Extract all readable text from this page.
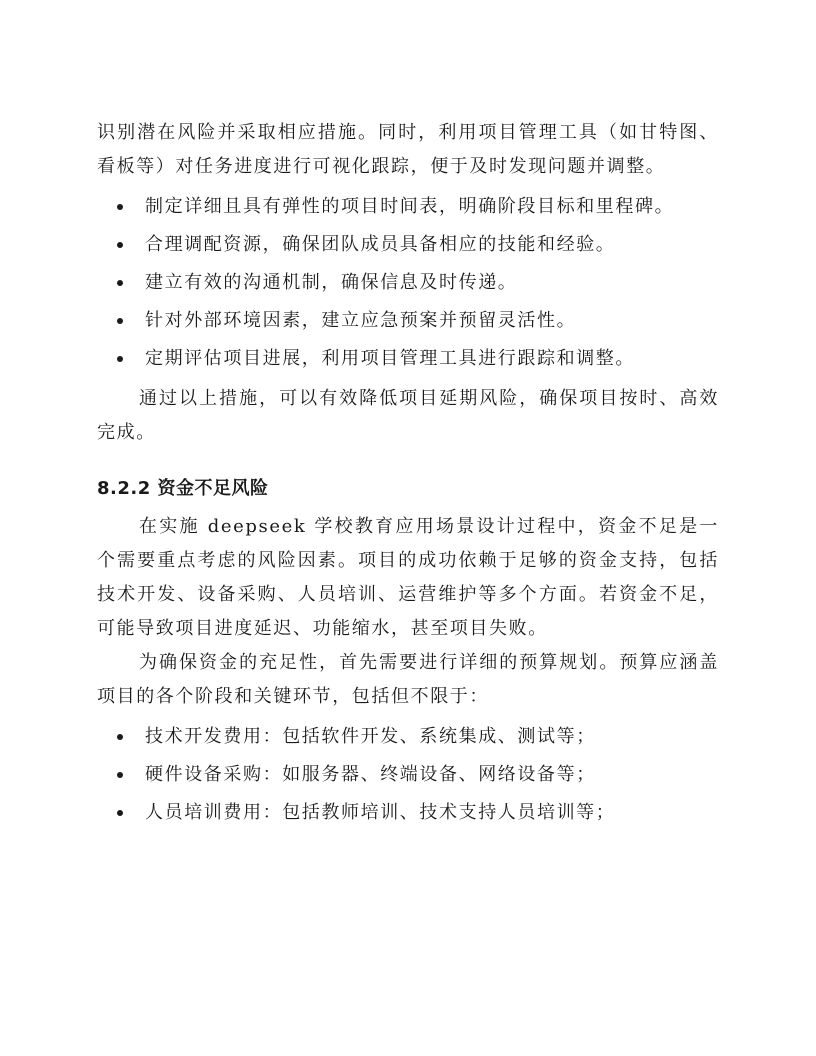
识别潜在风险并采取相应措施。同时，利用项目管理工具（如甘特图、看板等）对任务进度进行可视化跟踪，便于及时发现问题并调整。

制定详细且具有弹性的项目时间表，明确阶段目标和里程碑。
合理调配资源，确保团队成员具备相应的技能和经验。
建立有效的沟通机制，确保信息及时传递。
针对外部环境因素，建立应急预案并预留灵活性。
定期评估项目进展，利用项目管理工具进行跟踪和调整。

通过以上措施，可以有效降低项目延期风险，确保项目按时、高效完成。

8.2.2 资金不足风险

在实施 deepseek 学校教育应用场景设计过程中，资金不足是一个需要重点考虑的风险因素。项目的成功依赖于足够的资金支持，包括技术开发、设备采购、人员培训、运营维护等多个方面。若资金不足，可能导致项目进度延迟、功能缩水，甚至项目失败。

为确保资金的充足性，首先需要进行详细的预算规划。预算应涵盖项目的各个阶段和关键环节，包括但不限于：

技术开发费用：包括软件开发、系统集成、测试等；
硬件设备采购：如服务器、终端设备、网络设备等；
人员培训费用：包括教师培训、技术支持人员培训等；
